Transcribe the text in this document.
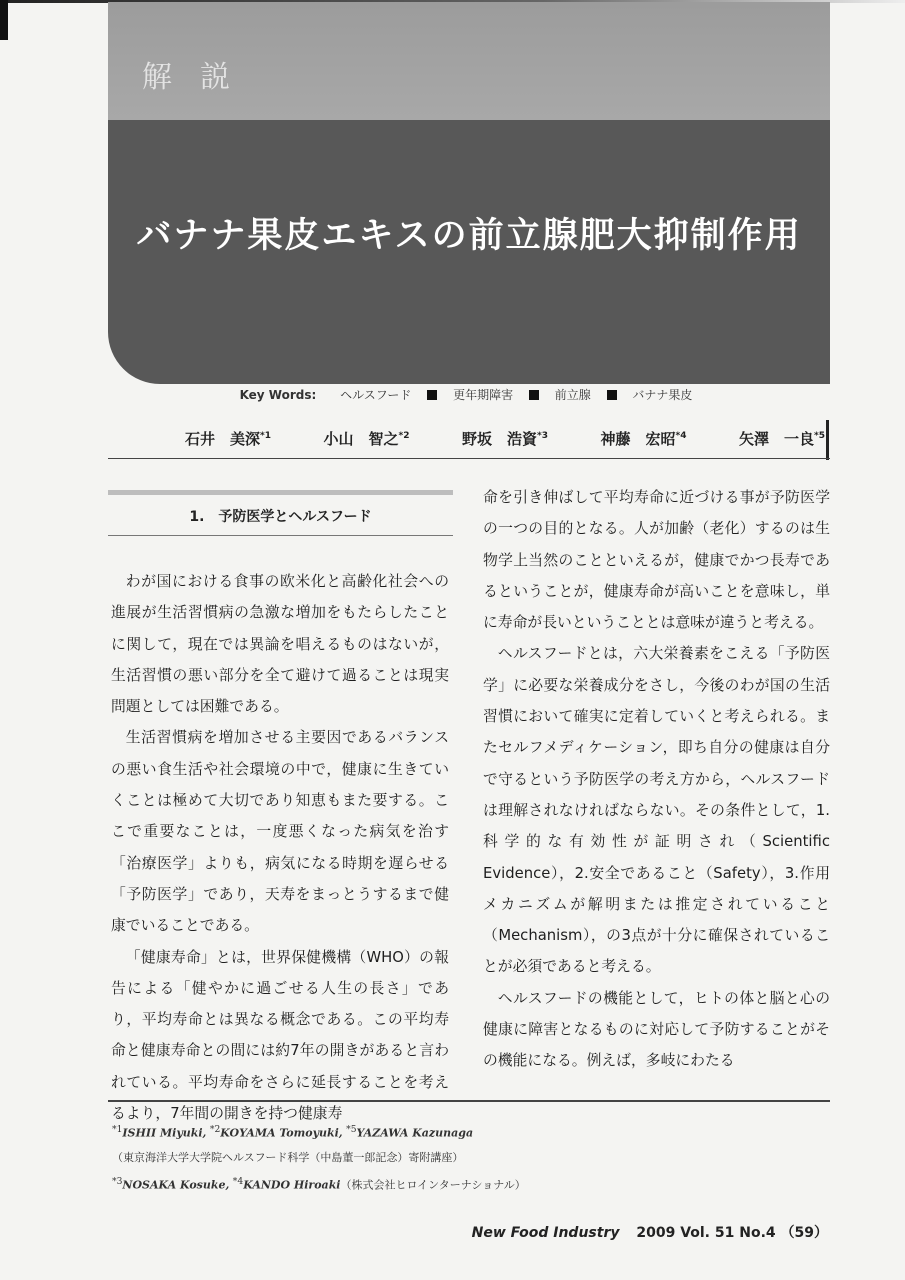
解説
バナナ果皮エキスの前立腺肥大抑制作用
Key Words: ヘルスフード	更年期障害	前立腺	バナナ果皮
石井　美深$^{*1}$	小山　智之$^{*2}$	野坂　浩資$^{*3}$	神藤　宏昭$^{*4}$	矢澤　一良$^{*5}$
1.　予防医学とヘルスフード

わが国における食事の欧米化と高齢化社会への進展が生活習慣病の急激な増加をもたらしたことに関して，現在では異論を唱えるものはないが，生活習慣の悪い部分を全て避けて過ることは現実問題としては困難である。

生活習慣病を増加させる主要因であるバランスの悪い食生活や社会環境の中で，健康に生きていくことは極めて大切であり知恵もまた要する。ここで重要なことは，一度悪くなった病気を治す「治療医学」よりも，病気になる時期を遅らせる「予防医学」であり，天寿をまっとうするまで健康でいることである。

「健康寿命」とは，世界保健機構（WHO）の報告による「健やかに過ごせる人生の長さ」であり，平均寿命とは異なる概念である。この平均寿命と健康寿命との間には約7年の開きがあると言われている。平均寿命をさらに延長することを考えるより，7年間の開きを持つ健康寿

命を引き伸ばして平均寿命に近づける事が予防医学の一つの目的となる。人が加齢（老化）するのは生物学上当然のことといえるが，健康でかつ長寿であるということが，健康寿命が高いことを意味し，単に寿命が長いということとは意味が違うと考える。

ヘルスフードとは，六大栄養素をこえる「予防医学」に必要な栄養成分をさし，今後のわが国の生活習慣において確実に定着していくと考えられる。またセルフメディケーション，即ち自分の健康は自分で守るという予防医学の考え方から，ヘルスフードは理解されなければならない。その条件として，1.科学的な有効性が証明され（Scientific Evidence），2.安全であること（Safety），3.作用メカニズムが解明または推定されていること（Mechanism），の3点が十分に確保されていることが必須であると考える。

ヘルスフードの機能として，ヒトの体と脳と心の健康に障害となるものに対応して予防することがその機能になる。例えば，多岐にわたる

$^{*1}$ISHII Miyuki, $^{*2}$KOYAMA Tomoyuki, $^{*5}$YAZAWA Kazunaga
（東京海洋大学大学院ヘルスフード科学（中島董一郎記念）寄附講座）
$^{*3}$NOSAKA Kosuke, $^{*4}$KANDO Hiroaki（株式会社ヒロインターナショナル）
New Food Industry 2009 Vol. 51 No.4 （59）
